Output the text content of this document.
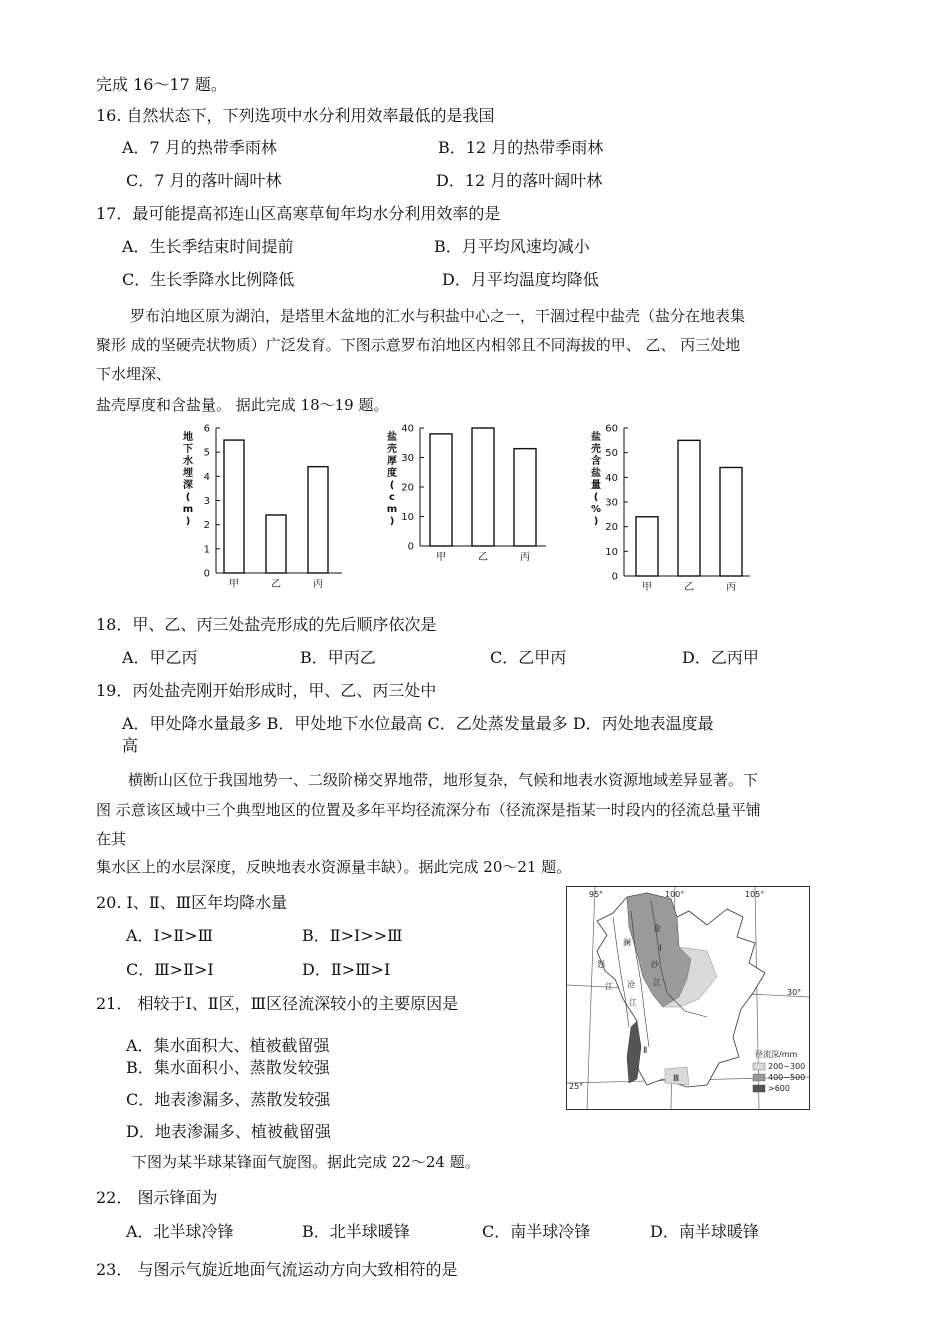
完成 16～17 题。
16. 自然状态下，下列选项中水分利用效率最低的是我国
A．7 月的热带季雨林	B．12 月的热带季雨林
C．7 月的落叶阔叶林	D．12 月的落叶阔叶林
17．最可能提高祁连山区高寒草甸年均水分利用效率的是
A．生长季结束时间提前	B．月平均风速均减小
C．生长季降水比例降低	D．月平均温度均降低
罗布泊地区原为湖泊，是塔里木盆地的汇水与积盐中心之一，干涸过程中盐壳（盐分在地表集
聚形 成的坚硬壳状物质）广泛发育。下图示意罗布泊地区内相邻且不同海拔的甲、 乙、 丙三处地
下水埋深、
盐壳厚度和含盐量。 据此完成 18～19 题。
0
1
2
3
4
5
6
地
下
水
埋
深
(
m
)
甲	乙	丙
0
10
20
30
40
盐
壳
厚
度
(
c
m
)
甲	乙	丙
0
10
20
30
40
50
60
盐
壳
含
盐
量
(
%
)
甲	乙	丙
18．甲、乙、丙三处盐壳形成的先后顺序依次是
A．甲乙丙	B．甲丙乙	C．乙甲丙	D．乙丙甲
19．丙处盐壳刚开始形成时，甲、乙、丙三处中
A．甲处降水量最多 B．甲处地下水位最高 C．乙处蒸发量最多 D．丙处地表温度最
高
横断山区位于我国地势一、二级阶梯交界地带，地形复杂，气候和地表水资源地域差异显著。下
图 示意该区域中三个典型地区的位置及多年平均径流深分布（径流深是指某一时段内的径流总量平铺
在其
集水区上的水层深度，反映地表水资源量丰缺）。据此完成 20～21 题。
20. Ⅰ、Ⅱ、Ⅲ区年均降水量
A．Ⅰ>Ⅱ>Ⅲ	B．Ⅱ>Ⅰ>>Ⅲ
C．Ⅲ>Ⅱ>Ⅰ	D．Ⅱ>Ⅲ>Ⅰ
21． 相较于Ⅰ、Ⅱ区，Ⅲ区径流深较小的主要原因是
A．集水面积大、植被截留强
B．集水面积小、蒸散发较强
C．地表渗漏多、蒸散发较强
D．地表渗漏多、植被截留强
下图为某半球某锋面气旋图。据此完成 22～24 题。
22． 图示锋面为
A．北半球冷锋	B．北半球暖锋	C．南半球冷锋	D．南半球暖锋
23． 与图示气旋近地面气流运动方向大致相符的是
95°	100°	105°
30°
25°
澜
沧
江
金
沙
江
怒
江
Ⅰ
Ⅱ
Ⅲ
径流深/mm
200~300
400~500
>600
